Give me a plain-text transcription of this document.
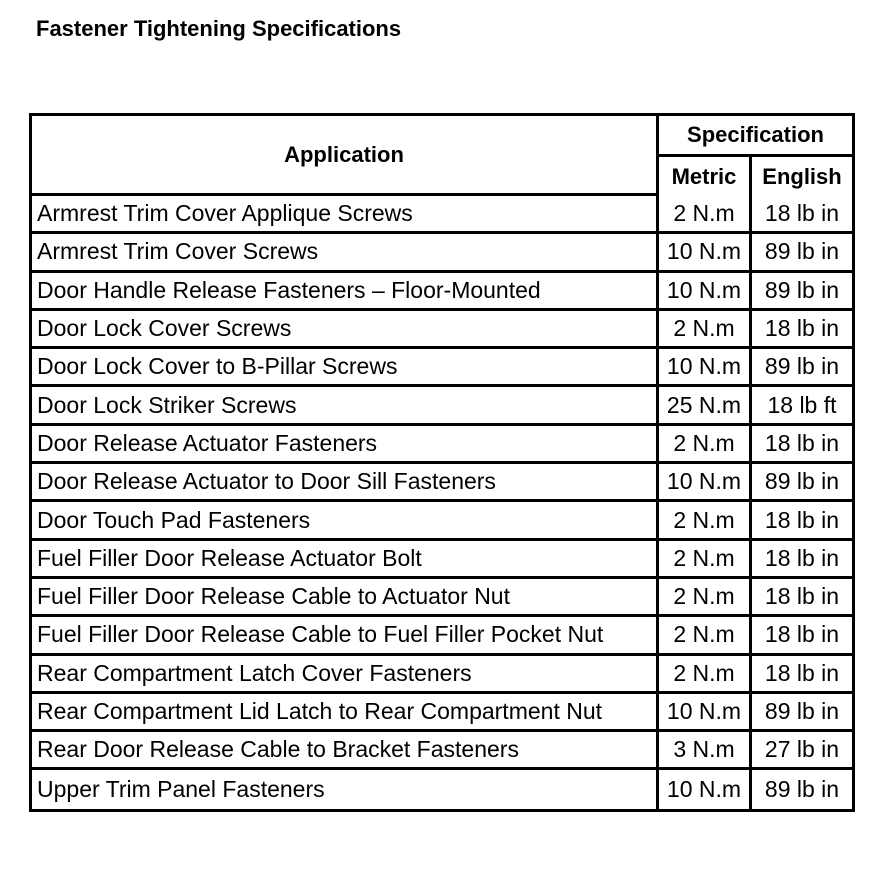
Fastener Tightening Specifications
Application	Specification	
	Metric	English
Armrest Trim Cover Applique Screws	2 N.m	18 lb in
Armrest Trim Cover Screws	10 N.m	89 lb in
Door Handle Release Fasteners – Floor-Mounted	10 N.m	89 lb in
Door Lock Cover Screws	2 N.m	18 lb in
Door Lock Cover to B-Pillar Screws	10 N.m	89 lb in
Door Lock Striker Screws	25 N.m	18 lb ft
Door Release Actuator Fasteners	2 N.m	18 lb in
Door Release Actuator to Door Sill Fasteners	10 N.m	89 lb in
Door Touch Pad Fasteners	2 N.m	18 lb in
Fuel Filler Door Release Actuator Bolt	2 N.m	18 lb in
Fuel Filler Door Release Cable to Actuator Nut	2 N.m	18 lb in
Fuel Filler Door Release Cable to Fuel Filler Pocket Nut	2 N.m	18 lb in
Rear Compartment Latch Cover Fasteners	2 N.m	18 lb in
Rear Compartment Lid Latch to Rear Compartment Nut	10 N.m	89 lb in
Rear Door Release Cable to Bracket Fasteners	3 N.m	27 lb in
Upper Trim Panel Fasteners	10 N.m	89 lb in
